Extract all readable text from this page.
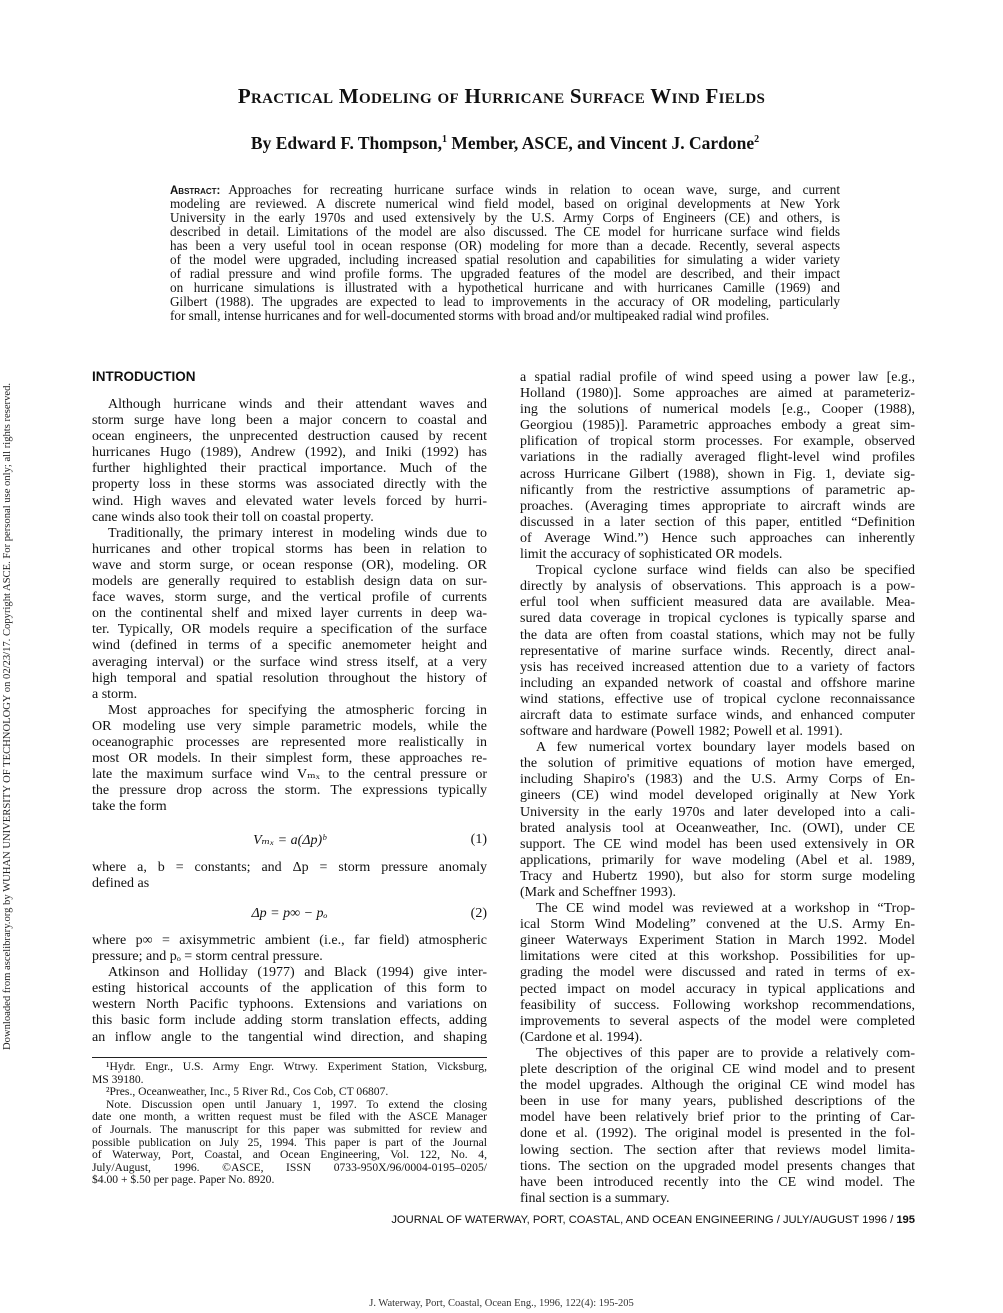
Downloaded from ascelibrary.org by WUHAN UNIVERSITY OF TECHNOLOGY on 02/23/17. Copyright ASCE. For personal use only; all rights reserved.
Practical Modeling of Hurricane Surface Wind Fields
By Edward F. Thompson,$^1$ Member, ASCE, and Vincent J. Cardone$^2$
Abstract: Approaches for recreating hurricane surface winds in relation to ocean wave, surge, and current
modeling are reviewed. A discrete numerical wind field model, based on original developments at New York
University in the early 1970s and used extensively by the U.S. Army Corps of Engineers (CE) and others, is
described in detail. Limitations of the model are also discussed. The CE model for hurricane surface wind fields
has been a very useful tool in ocean response (OR) modeling for more than a decade. Recently, several aspects
of the model were upgraded, including increased spatial resolution and capabilities for simulating a wider variety
of radial pressure and wind profile forms. The upgraded features of the model are described, and their impact
on hurricane simulations is illustrated with a hypothetical hurricane and with hurricanes Camille (1969) and
Gilbert (1988). The upgrades are expected to lead to improvements in the accuracy of OR modeling, particularly
for small, intense hurricanes and for well-documented storms with broad and/or multipeaked radial wind profiles.
INTRODUCTION
Although hurricane winds and their attendant waves and
storm surge have long been a major concern to coastal and
ocean engineers, the unprecented destruction caused by recent
hurricanes Hugo (1989), Andrew (1992), and Iniki (1992) has
further highlighted their practical importance. Much of the
property loss in these storms was associated directly with the
wind. High waves and elevated water levels forced by hurri-
cane winds also took their toll on coastal property.
Traditionally, the primary interest in modeling winds due to
hurricanes and other tropical storms has been in relation to
wave and storm surge, or ocean response (OR), modeling. OR
models are generally required to establish design data on sur-
face waves, storm surge, and the vertical profile of currents
on the continental shelf and mixed layer currents in deep wa-
ter. Typically, OR models require a specification of the surface
wind (defined in terms of a specific anemometer height and
averaging interval) or the surface wind stress itself, at a very
high temporal and spatial resolution throughout the history of
a storm.
Most approaches for specifying the atmospheric forcing in
OR modeling use very simple parametric models, while the
oceanographic processes are represented more realistically in
most OR models. In their simplest form, these approaches re-
late the maximum surface wind Vₘₓ to the central pressure or
the pressure drop across the storm. The expressions typically
take the form
Vₘₓ = a(Δp)ᵇ	(1)
where a, b = constants; and Δp = storm pressure anomaly
defined as
Δp = p∞ − pₒ	(2)
where p∞ = axisymmetric ambient (i.e., far field) atmospheric
pressure; and pₒ = storm central pressure.
Atkinson and Holliday (1977) and Black (1994) give inter-
esting historical accounts of the application of this form to
western North Pacific typhoons. Extensions and variations on
this basic form include adding storm translation effects, adding
an inflow angle to the tangential wind direction, and shaping
a spatial radial profile of wind speed using a power law [e.g.,
Holland (1980)]. Some approaches are aimed at parameteriz-
ing the solutions of numerical models [e.g., Cooper (1988),
Georgiou (1985)]. Parametric approaches embody a great sim-
plification of tropical storm processes. For example, observed
variations in the radially averaged flight-level wind profiles
across Hurricane Gilbert (1988), shown in Fig. 1, deviate sig-
nificantly from the restrictive assumptions of parametric ap-
proaches. (Averaging times appropriate to aircraft winds are
discussed in a later section of this paper, entitled “Definition
of Average Wind.”) Hence such approaches can inherently
limit the accuracy of sophisticated OR models.
Tropical cyclone surface wind fields can also be specified
directly by analysis of observations. This approach is a pow-
erful tool when sufficient measured data are available. Mea-
sured data coverage in tropical cyclones is typically sparse and
the data are often from coastal stations, which may not be fully
representative of marine surface winds. Recently, direct anal-
ysis has received increased attention due to a variety of factors
including an expanded network of coastal and offshore marine
wind stations, effective use of tropical cyclone reconnaissance
aircraft data to estimate surface winds, and enhanced computer
software and hardware (Powell 1982; Powell et al. 1991).
A few numerical vortex boundary layer models based on
the solution of primitive equations of motion have emerged,
including Shapiro's (1983) and the U.S. Army Corps of En-
gineers (CE) wind model developed originally at New York
University in the early 1970s and later developed into a cali-
brated analysis tool at Oceanweather, Inc. (OWI), under CE
support. The CE wind model has been used extensively in OR
applications, primarily for wave modeling (Abel et al. 1989,
Tracy and Hubertz 1990), but also for storm surge modeling
(Mark and Scheffner 1993).
The CE wind model was reviewed at a workshop in “Trop-
ical Storm Wind Modeling” convened at the U.S. Army En-
gineer Waterways Experiment Station in March 1992. Model
limitations were cited at this workshop. Possibilities for up-
grading the model were discussed and rated in terms of ex-
pected impact on model accuracy in typical applications and
feasibility of success. Following workshop recommendations,
improvements to several aspects of the model were completed
(Cardone et al. 1994).
The objectives of this paper are to provide a relatively com-
plete description of the original CE wind model and to present
the model upgrades. Although the original CE wind model has
been in use for many years, published descriptions of the
model have been relatively brief prior to the printing of Car-
done et al. (1992). The original model is presented in the fol-
lowing section. The section after that reviews model limita-
tions. The section on the upgraded model presents changes that
have been introduced recently into the CE wind model. The
final section is a summary.
¹Hydr. Engr., U.S. Army Engr. Wtrwy. Experiment Station, Vicksburg,
MS 39180.
²Pres., Oceanweather, Inc., 5 River Rd., Cos Cob, CT 06807.
Note. Discussion open until January 1, 1997. To extend the closing
date one month, a written request must be filed with the ASCE Manager
of Journals. The manuscript for this paper was submitted for review and
possible publication on July 25, 1994. This paper is part of the Journal
of Waterway, Port, Coastal, and Ocean Engineering, Vol. 122, No. 4,
July/August, 1996. ©ASCE, ISSN 0733-950X/96/0004-0195–0205/
$4.00 + $.50 per page. Paper No. 8920.
JOURNAL OF WATERWAY, PORT, COASTAL, AND OCEAN ENGINEERING / JULY/AUGUST 1996 / 195
J. Waterway, Port, Coastal, Ocean Eng., 1996, 122(4): 195-205
